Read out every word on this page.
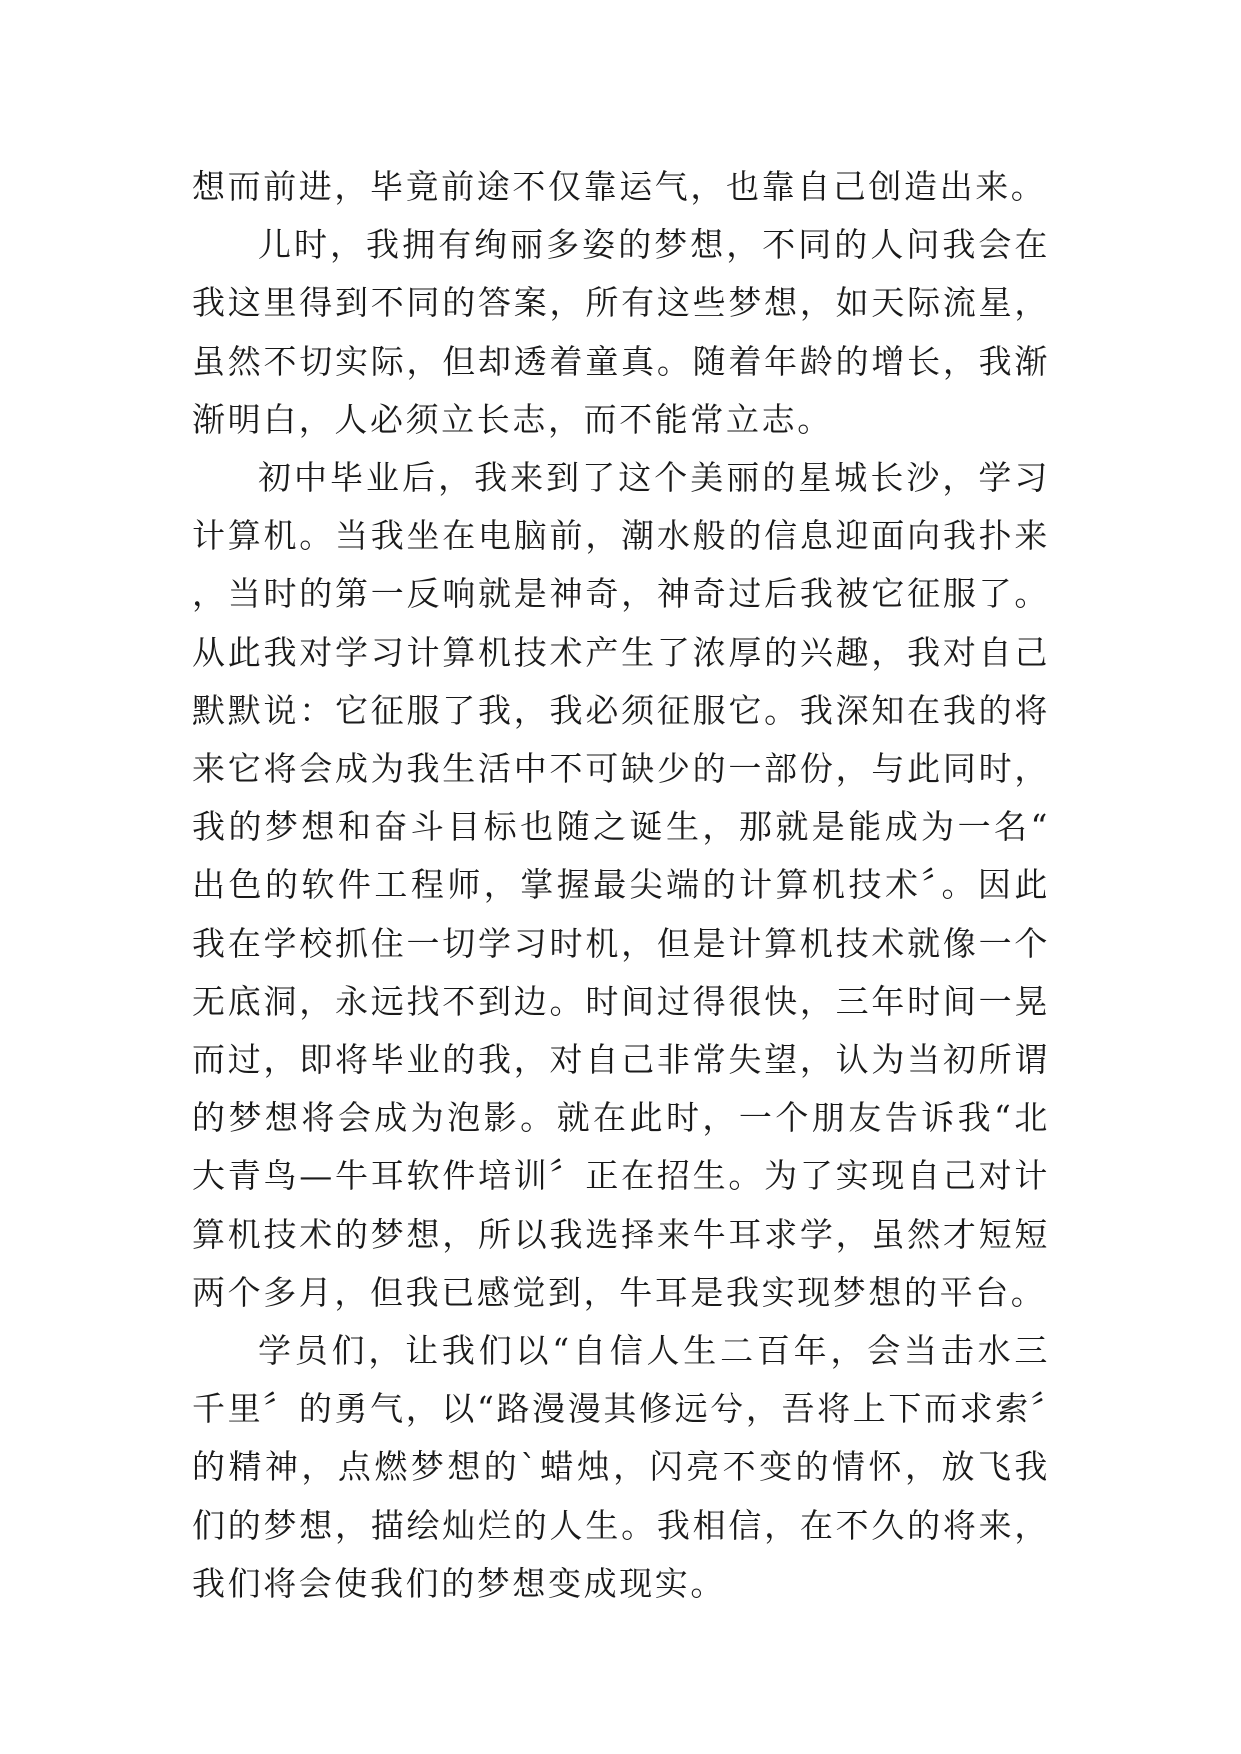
想而前进，毕竟前途不仅靠运气，也靠自己创造出来。

儿时，我拥有绚丽多姿的梦想，不同的人问我会在我这里得到不同的答案，所有这些梦想，如天际流星，虽然不切实际，但却透着童真。随着年龄的增长，我渐渐明白，人必须立长志，而不能常立志。

初中毕业后，我来到了这个美丽的星城长沙，学习计算机。当我坐在电脑前，潮水般的信息迎面向我扑来，当时的第一反响就是神奇，神奇过后我被它征服了。从此我对学习计算机技术产生了浓厚的兴趣，我对自己默默说：它征服了我，我必须征服它。我深知在我的将来它将会成为我生活中不可缺少的一部份，与此同时，我的梦想和奋斗目标也随之诞生，那就是能成为一名“出色的软件工程师，掌握最尖端的计算机技术〞。因此我在学校抓住一切学习时机，但是计算机技术就像一个无底洞，永远找不到边。时间过得很快，三年时间一晃而过，即将毕业的我，对自己非常失望，认为当初所谓的梦想将会成为泡影。就在此时，一个朋友告诉我“北大青鸟—牛耳软件培训〞正在招生。为了实现自己对计算机技术的梦想，所以我选择来牛耳求学，虽然才短短两个多月，但我已感觉到，牛耳是我实现梦想的平台。

学员们，让我们以“自信人生二百年，会当击水三千里〞的勇气，以“路漫漫其修远兮，吾将上下而求索〞的精神，点燃梦想的`蜡烛，闪亮不变的情怀，放飞我们的梦想，描绘灿烂的人生。我相信，在不久的将来，我们将会使我们的梦想变成现实。
